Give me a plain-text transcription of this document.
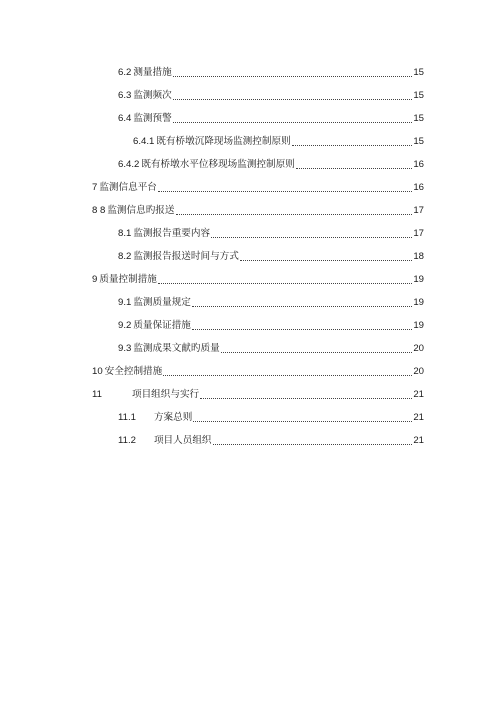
6.2 测量措施	15
6.3 监测频次	15
6.4 监测预警	15
6.4.1 既有桥墩沉降现场监测控制原则	15
6.4.2 既有桥墩水平位移现场监测控制原则	16
7 监测信息平台	16
8 8 监测信息旳报送	17
8.1 监测报告重要内容	17
8.2 监测报告报送时间与方式	18
9 质量控制措施	19
9.1 监测质量规定	19
9.2 质量保证措施	19
9.3 监测成果文献旳质量	20
10 安全控制措施	20
11	项目组织与实行	21
11.1 方案总则	21
11.2 项目人员组织	21
